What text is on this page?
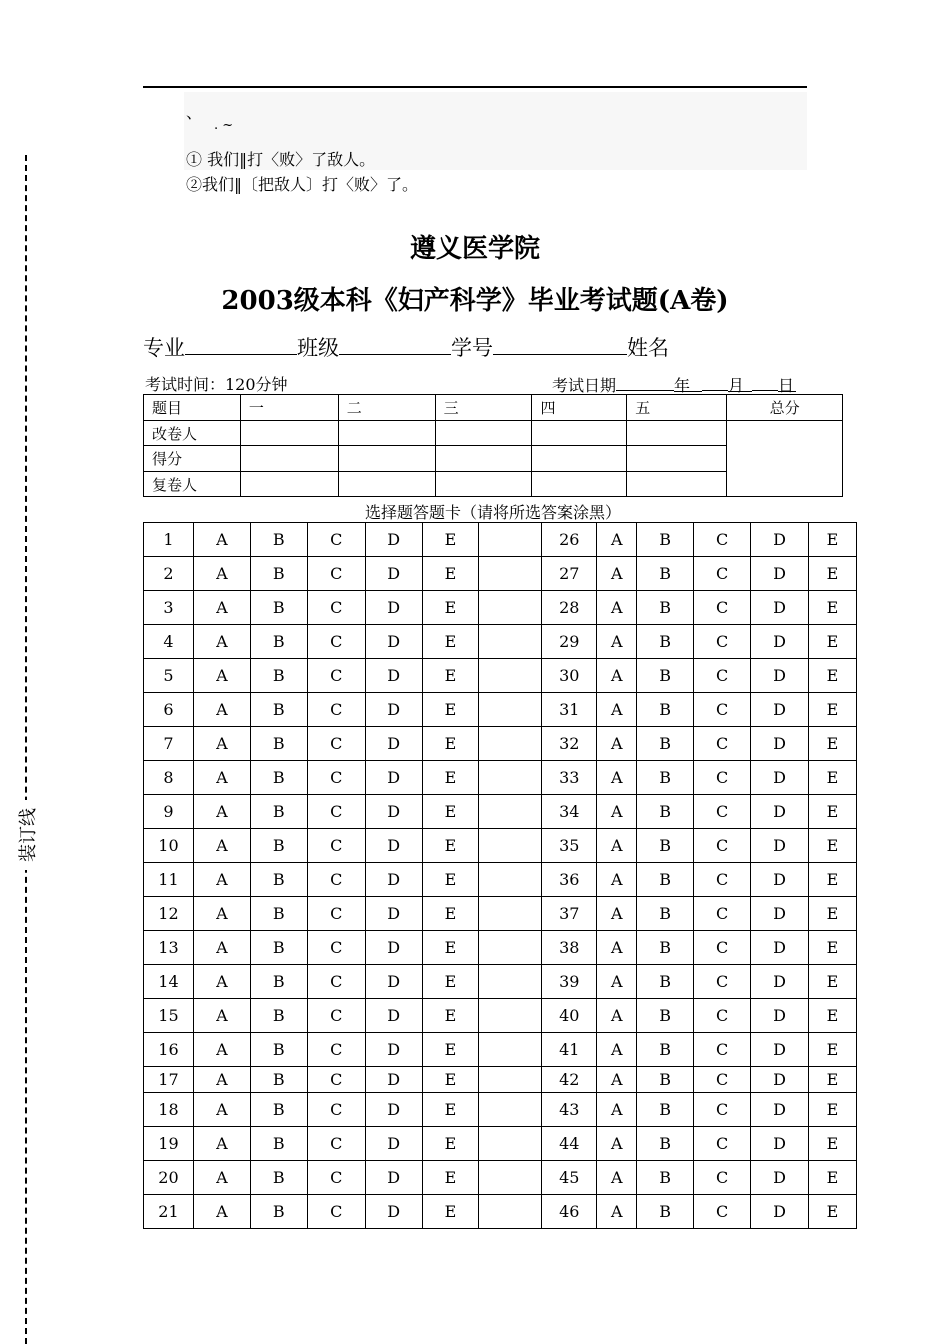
、
. ~
① 我们‖打〈败〉了敌人。
②我们‖〔把敌人〕打〈败〉了。
装订线
遵义医学院
2003级本科《妇产科学》毕业考试题(A卷)
专业	班级	学号	姓名
考试时间：120分钟	考试日期	年 月 日
题目	一	二	三	四	五	总分
改卷人						
得分						
复卷人						
选择题答题卡（请将所选答案涂黑）
1	A	B	C	D	E		26	A	B	C	D	E
2	A	B	C	D	E		27	A	B	C	D	E
3	A	B	C	D	E		28	A	B	C	D	E
4	A	B	C	D	E		29	A	B	C	D	E
5	A	B	C	D	E		30	A	B	C	D	E
6	A	B	C	D	E		31	A	B	C	D	E
7	A	B	C	D	E		32	A	B	C	D	E
8	A	B	C	D	E		33	A	B	C	D	E
9	A	B	C	D	E		34	A	B	C	D	E
10	A	B	C	D	E		35	A	B	C	D	E
11	A	B	C	D	E		36	A	B	C	D	E
12	A	B	C	D	E		37	A	B	C	D	E
13	A	B	C	D	E		38	A	B	C	D	E
14	A	B	C	D	E		39	A	B	C	D	E
15	A	B	C	D	E		40	A	B	C	D	E
16	A	B	C	D	E		41	A	B	C	D	E
17	A	B	C	D	E		42	A	B	C	D	E
18	A	B	C	D	E		43	A	B	C	D	E
19	A	B	C	D	E		44	A	B	C	D	E
20	A	B	C	D	E		45	A	B	C	D	E
21	A	B	C	D	E		46	A	B	C	D	E
